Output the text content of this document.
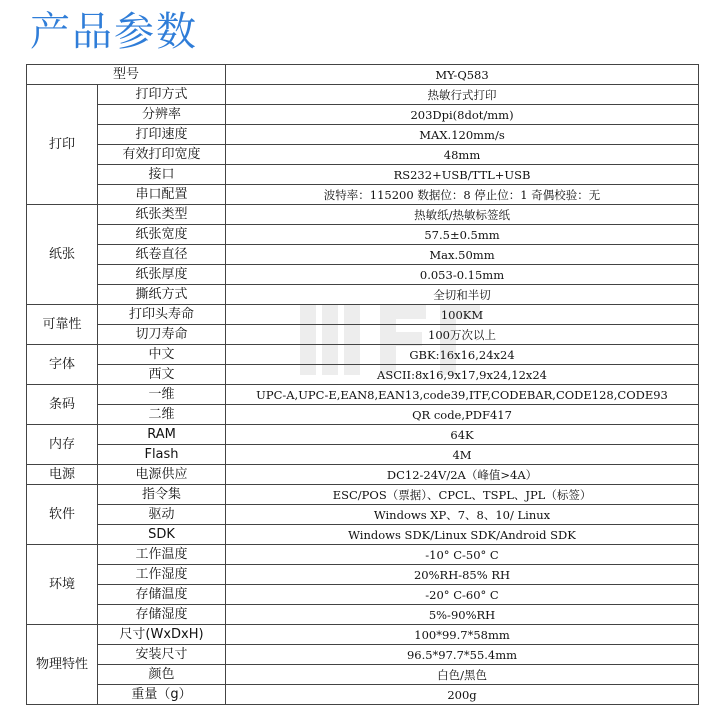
产品参数
型号		MY-Q583
打印	打印方式	热敏行式打印
	分辨率	203Dpi(8dot/mm)
	打印速度	MAX.120mm/s
	有效打印宽度	48mm
	接口	RS232+USB/TTL+USB
	串口配置	波特率：115200 数据位：8 停止位：1 奇偶校验：无
纸张	纸张类型	热敏纸/热敏标签纸
	纸张宽度	57.5±0.5mm
	纸卷直径	Max.50mm
	纸张厚度	0.053-0.15mm
	撕纸方式	全切和半切
可靠性	打印头寿命	100KM
	切刀寿命	100万次以上
字体	中文	GBK:16x16,24x24
	西文	ASCII:8x16,9x17,9x24,12x24
条码	一维	UPC-A,UPC-E,EAN8,EAN13,code39,ITF,CODEBAR,CODE128,CODE93
	二维	QR code,PDF417
内存	RAM	64K
	Flash	4M
电源	电源供应	DC12-24V/2A（峰值>4A）
软件	指令集	ESC/POS（票据）、CPCL、TSPL、JPL（标签）
	驱动	Windows XP、7、8、10/ Linux
	SDK	Windows SDK/Linux SDK/Android SDK
环境	工作温度	-10° C-50° C
	工作湿度	20%RH-85% RH
	存储温度	-20° C-60° C
	存储湿度	5%-90%RH
物理特性	尺寸(WxDxH)	100*99.7*58mm
	安装尺寸	96.5*97.7*55.4mm
	颜色	白色/黑色
	重量（g）	200g
